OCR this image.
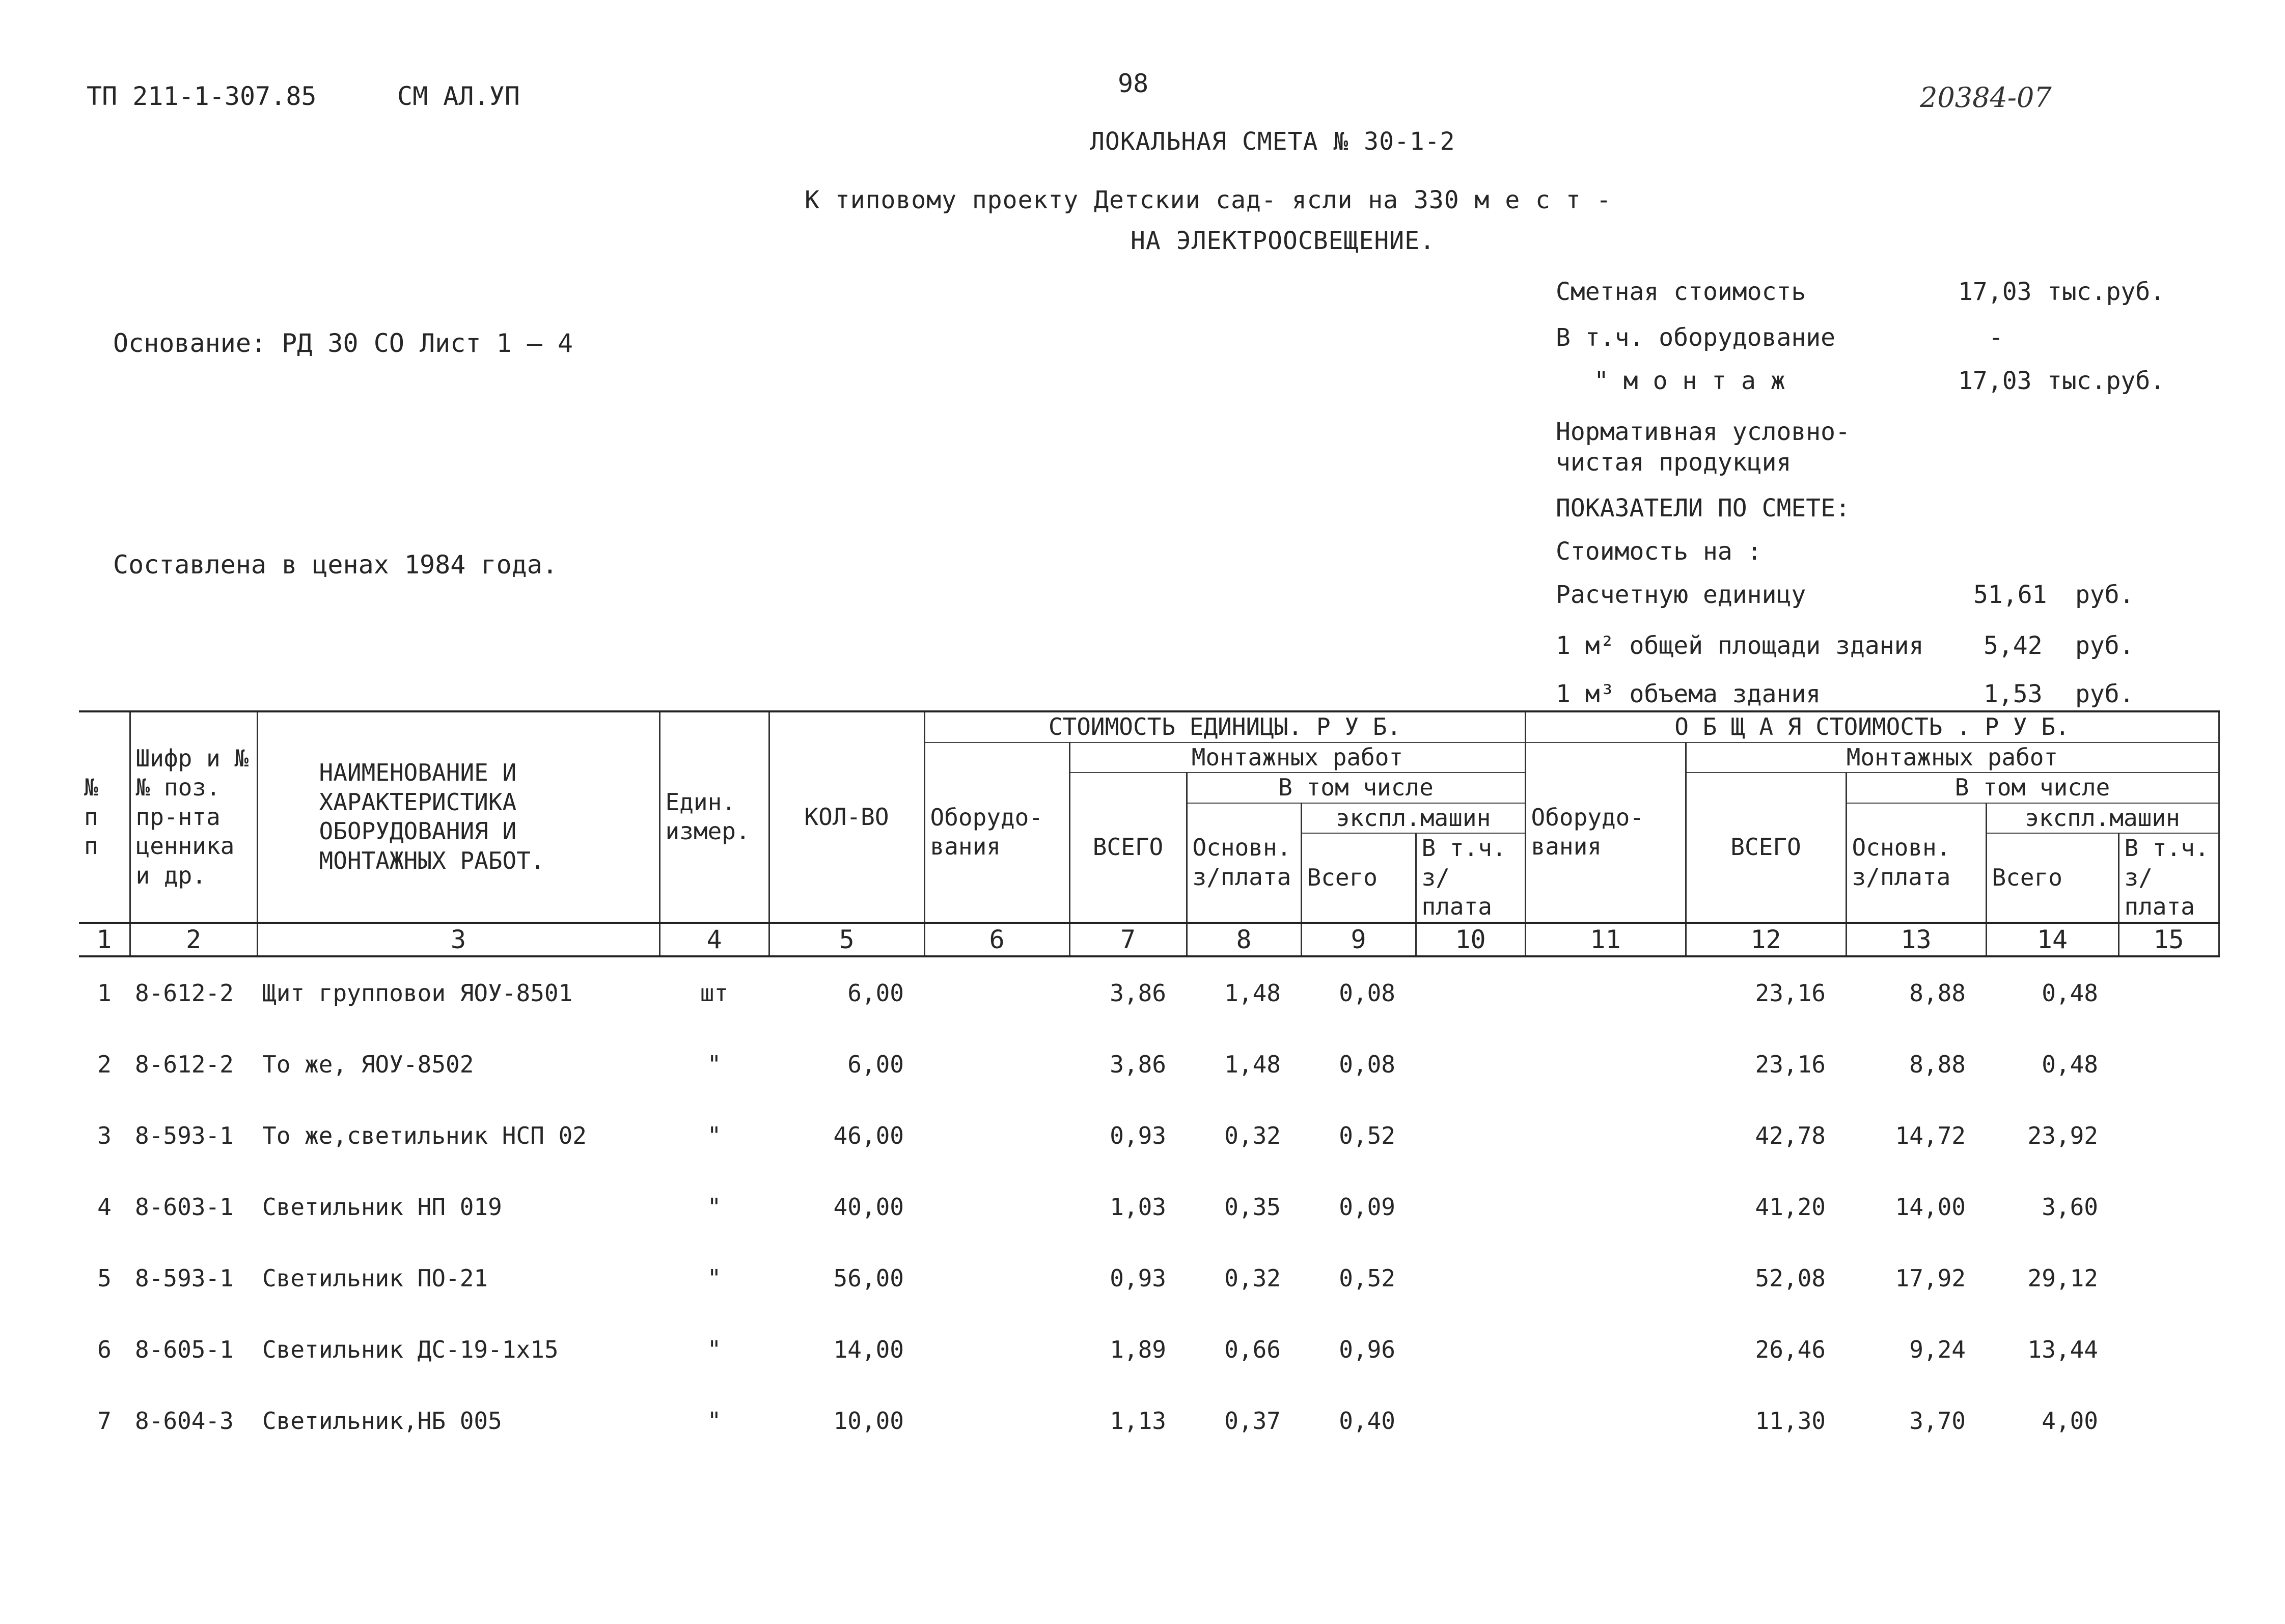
ТП 211-1-307.85	СМ АЛ.УП	98	20384-07
ЛОКАЛЬНАЯ СМЕТА № 30-1-2
К типовому проекту Детскии сад- ясли на 330 м е с т -
НА ЭЛЕКТРООСВЕЩЕНИЕ.
Основание: РД 30 СО Лист 1 — 4
Составлена в ценах 1984 года.
Сметная стоимость	17,03 тыс.руб.
В т.ч. оборудование	-
" м о н т а ж	17,03 тыс.руб.
Нормативная условно-
чистая продукция
ПОКАЗАТЕЛИ ПО СМЕТЕ:
Стоимость на :
Расчетную единицу	51,61 руб.
1 м² общей площади здания 5,42 руб.
1 м³ объема здания	1,53 руб.
№ п п	Шифр и №№ поз. пр-нта ценника и др.	НАИМЕНОВАНИЕ И ХАРАКТЕРИСТИКА ОБОРУДОВАНИЯ И МОНТАЖНЫХ РАБОТ.	Един. измер.	КОЛ-ВО	СТОИМОСТЬ ЕДИНИЦЫ. Р У Б.					О Б Щ А Я СТОИМОСТЬ . Р У Б.				
					Оборудо- вания	Монтажных работ				Оборудо- вания	Монтажных работ			
						ВСЕГО	В том числе				ВСЕГО	В том числе		
							Основн. з/плата	экспл.машин				Основн. з/плата	экспл.машин	
								Всего	В т.ч. з/плата				Всего	В т.ч. з/плата
1	2	3	4	5	6	7	8	9	10	11	12	13	14	15
1	8-612-2	Щит групповои ЯОУ-8501	шт	6,00		3,86	1,48	0,08			23,16	8,88	0,48	
2	8-612-2	То же, ЯОУ-8502	"	6,00		3,86	1,48	0,08			23,16	8,88	0,48	
3	8-593-1	То же,светильник НСП 02	"	46,00		0,93	0,32	0,52			42,78	14,72	23,92	
4	8-603-1	Светильник НП 019	"	40,00		1,03	0,35	0,09			41,20	14,00	3,60	
5	8-593-1	Светильник ПО-21	"	56,00		0,93	0,32	0,52			52,08	17,92	29,12	
6	8-605-1	Светильник ДС-19-1х15	"	14,00		1,89	0,66	0,96			26,46	9,24	13,44	
7	8-604-3	Светильник,НБ 005	"	10,00		1,13	0,37	0,40			11,30	3,70	4,00	
